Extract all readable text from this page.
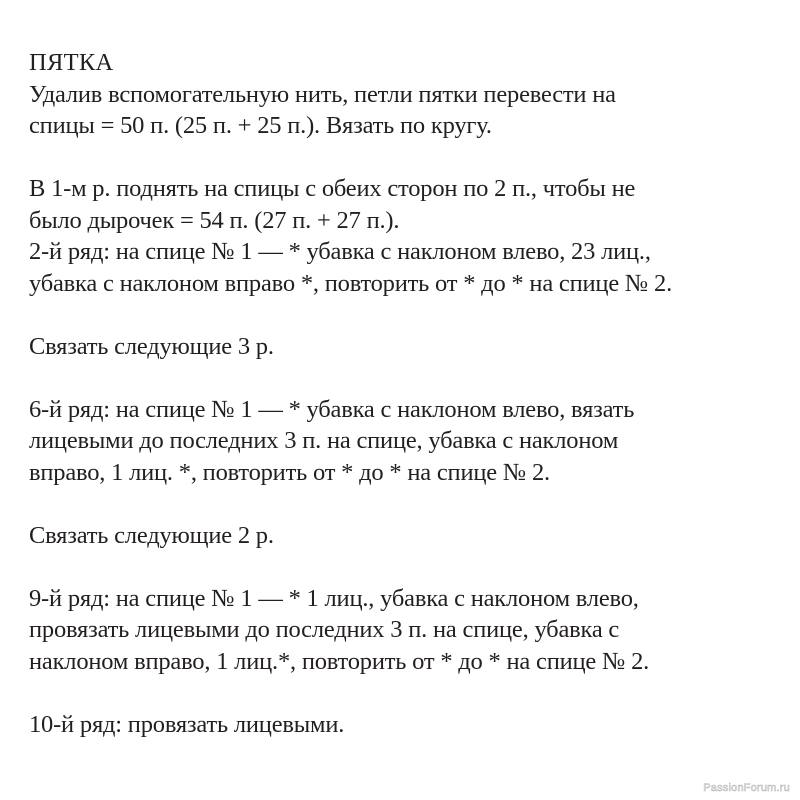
ПЯТКА
Удалив вспомогательную нить, петли пятки перевести на
спицы = 50 п. (25 п. + 25 п.). Вязать по кругу.
В 1-м р. поднять на спицы с обеих сторон по 2 п., чтобы не
было дырочек = 54 п. (27 п. + 27 п.).
2-й ряд: на спице № 1 — * убавка с наклоном влево, 23 лиц.,
убавка с наклоном вправо *, повторить от * до * на спице № 2.
Связать следующие 3 р.
6-й ряд: на спице № 1 — * убавка с наклоном влево, вязать
лицевыми до последних 3 п. на спице, убавка с наклоном
вправо, 1 лиц. *, повторить от * до * на спице № 2.
Связать следующие 2 р.
9-й ряд: на спице № 1 — * 1 лиц., убавка с наклоном влево,
провязать лицевыми до последних 3 п. на спице, убавка с
наклоном вправо, 1 лиц.*, повторить от * до * на спице № 2.
10-й ряд: провязать лицевыми.
PassionForum.ru
